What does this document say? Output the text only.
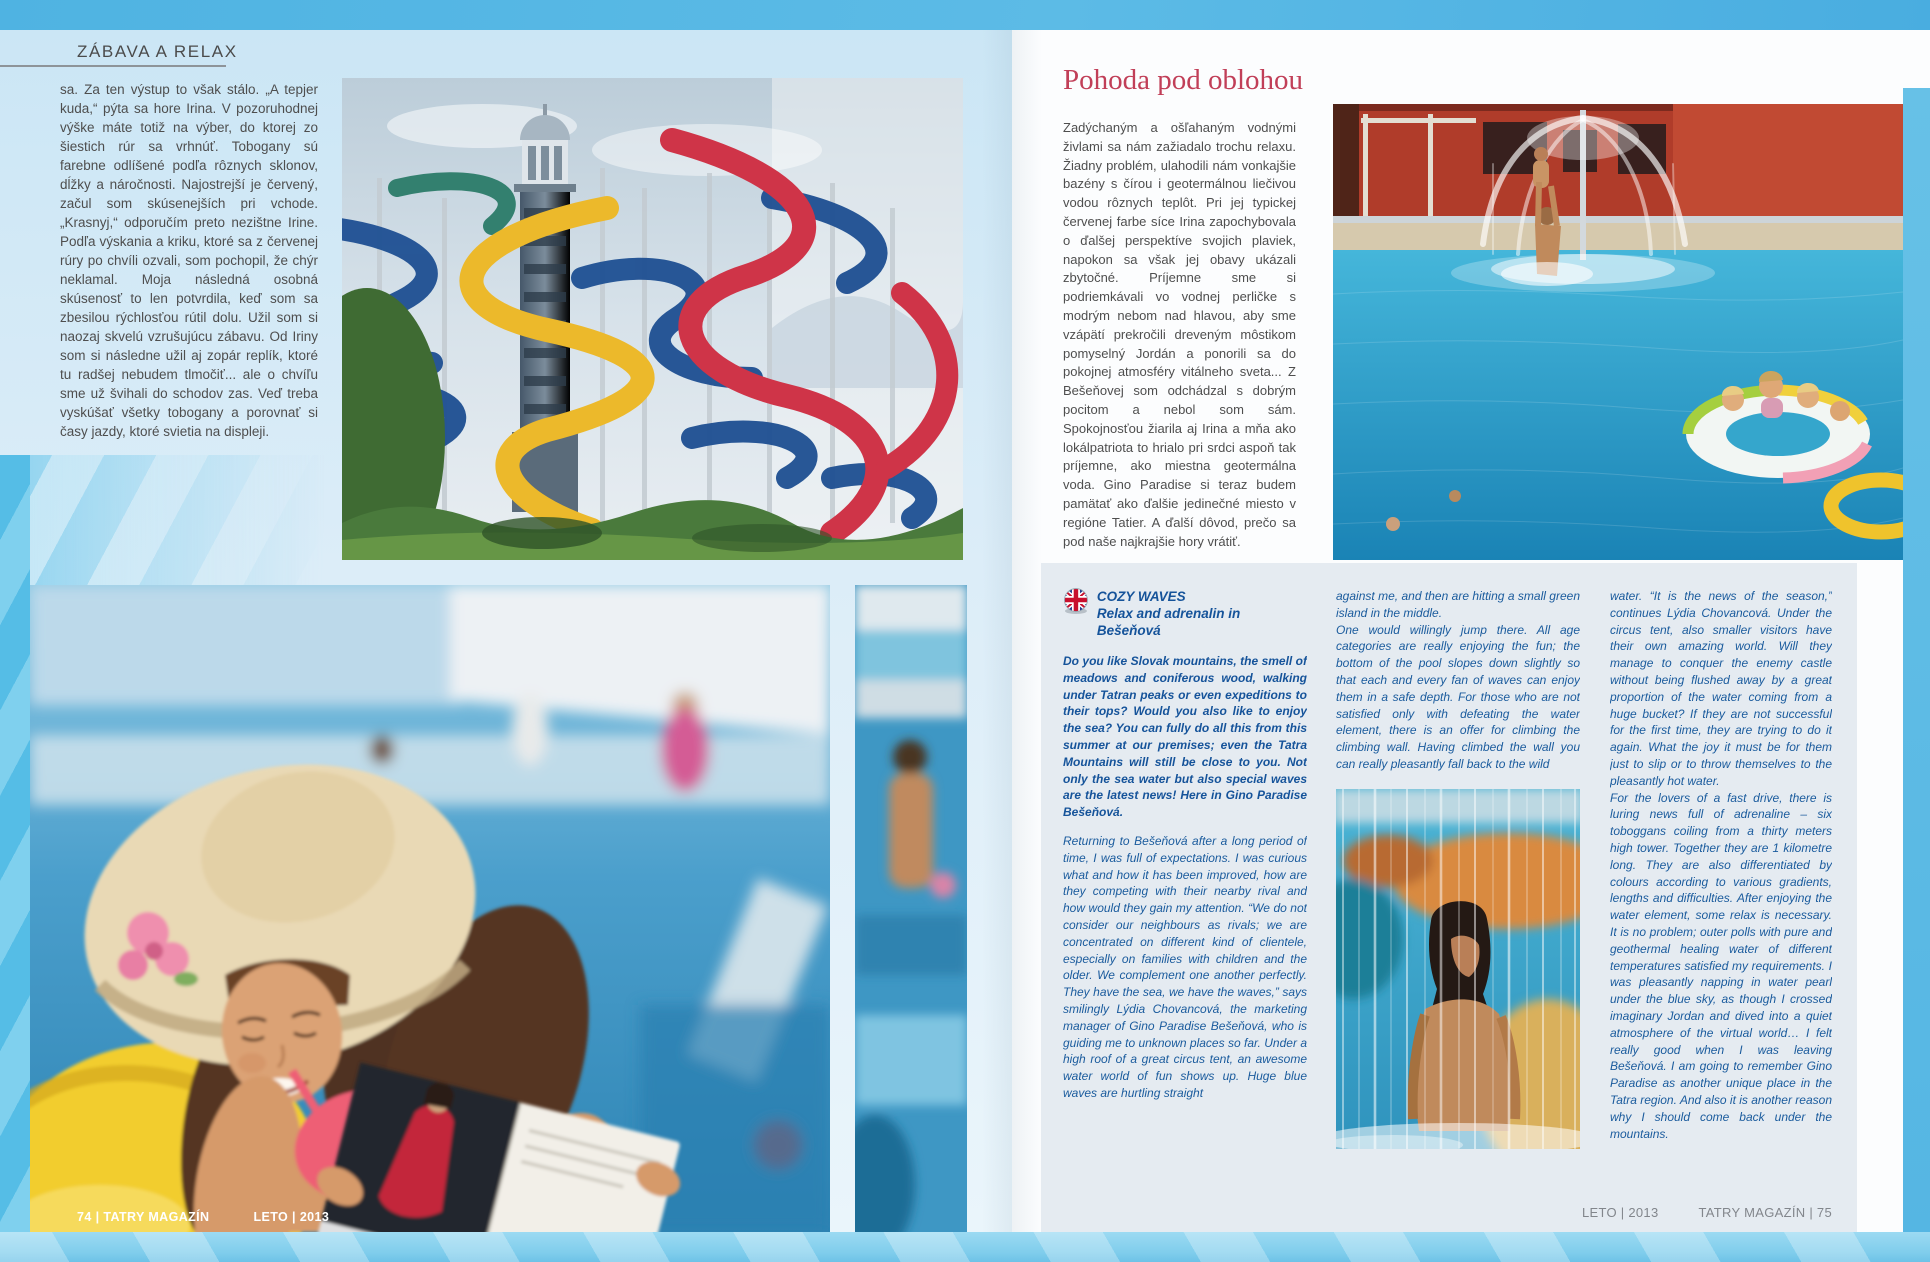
ZÁBAVA A RELAX
sa. Za ten výstup to však stálo. „A tepjer kuda,“ pýta sa hore Irina. V pozoruhodnej výške máte totiž na výber, do ktorej zo šiestich rúr sa vrhnúť. Tobogany sú farebne odlíšené podľa rôznych sklonov, dĺžky a náročnosti. Najostrejší je červený, začul som skúsenejších pri vchode. „Krasnyj,“ odporučím preto nezištne Irine. Podľa výskania a kriku, ktoré sa z červenej rúry po chvíli ozvali, som pochopil, že chýr neklamal. Moja následná osobná skúsenosť to len potvrdila, keď som sa zbesilou rýchlosťou rútil dolu. Užil som si naozaj skvelú vzrušujúcu zábavu. Od Iriny som si následne užil aj zopár replík, ktoré tu radšej nebudem tlmočiť... ale o chvíľu sme už švihali do schodov zas. Veď treba vyskúšať všetky tobogany a porovnať si časy jazdy, ktoré svietia na displeji.
Pohoda pod oblohou
Zadýchaným a ošľahaným vodnými živlami sa nám zažiadalo trochu relaxu. Žiadny problém, ulahodili nám vonkajšie bazény s čírou i geotermálnou liečivou vodou rôznych teplôt. Pri jej typickej červenej farbe síce Irina zapochybovala o ďalšej perspektíve svojich plaviek, napokon sa však jej obavy ukázali zbytočné. Príjemne sme si podriemkávali vo vodnej perličke s modrým nebom nad hlavou, aby sme vzápätí prekročili dreveným môstikom pomyselný Jordán a ponorili sa do pokojnej atmosféry vitálneho sveta... Z Bešeňovej som odchádzal s dobrým pocitom a nebol som sám. Spokojnosťou žiarila aj Irina a mňa ako lokálpatriota to hrialo pri srdci aspoň tak príjemne, ako miestna geotermálna voda. Gino Paradise si teraz budem pamätať ako ďalšie jedinečné miesto v regióne Tatier. A ďalší dôvod, prečo sa pod naše najkrajšie hory vrátiť.
COZY WAVES
Relax and adrenalin in Bešeňová

Do you like Slovak mountains, the smell of meadows and coniferous wood, walking under Tatran peaks or even expeditions to their tops? Would you also like to enjoy the sea? You can fully do all this from this summer at our premises; even the Tatra Mountains will still be close to you. Not only the sea water but also special waves are the latest news! Here in Gino Paradise Bešeňová.

Returning to Bešeňová after a long period of time, I was full of expectations. I was curious what and how it has been improved, how are they competing with their nearby rival and how would they gain my attention. “We do not consider our neighbours as rivals; we are concentrated on different kind of clientele, especially on families with children and the older. We complement one another perfectly. They have the sea, we have the waves,” says smilingly Lýdia Chovancová, the marketing manager of Gino Paradise Bešeňová, who is guiding me to unknown places so far. Under a high roof of a great circus tent, an awesome water world of fun shows up. Huge blue waves are hurtling straight

against me, and then are hitting a small green island in the middle.

One would willingly jump there. All age categories are really enjoying the fun; the bottom of the pool slopes down slightly so that each and every fan of waves can enjoy them in a safe depth. For those who are not satisfied only with defeating the water element, there is an offer for climbing the climbing wall. Having climbed the wall you can really pleasantly fall back to the wild

water. “It is the news of the season,” continues Lýdia Chovancová. Under the circus tent, also smaller visitors have their own amazing world. Will they manage to conquer the enemy castle without being flushed away by a great proportion of the water coming from a huge bucket? If they are not successful for the first time, they are trying to do it again. What the joy it must be for them just to slip or to throw themselves to the pleasantly hot water.

For the lovers of a fast drive, there is luring news full of adrenaline – six toboggans coiling from a thirty meters high tower. Together they are 1 kilometre long. They are also differentiated by colours according to various gradients, lengths and difficulties. After enjoying the water element, some relax is necessary. It is no problem; outer polls with pure and geothermal healing water of different temperatures satisfied my requirements. I was pleasantly napping in water pearl under the blue sky, as though I crossed imaginary Jordan and dived into a quiet atmosphere of the virtual world… I felt really good when I was leaving Bešeňová. I am going to remember Gino Paradise as another unique place in the Tatra region. And also it is another reason why I should come back under the mountains.

74 | TATRY MAGAZÍN	LETO | 2013	LETO | 2013	TATRY MAGAZÍN | 75
